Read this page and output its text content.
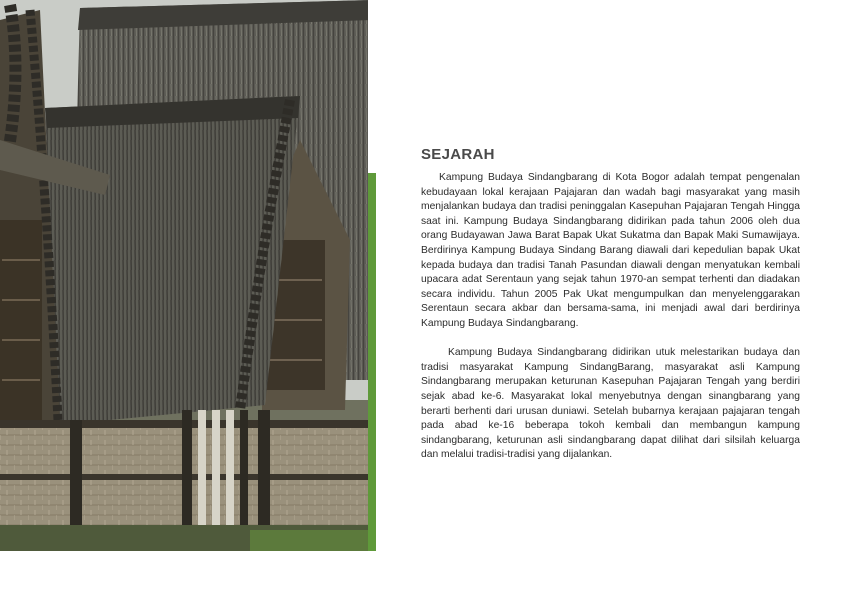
SEJARAH

Kampung Budaya Sindangbarang di Kota Bogor adalah tempat pengenalan kebudayaan lokal kerajaan Pajajaran dan wadah bagi masyarakat yang masih menjalankan budaya dan tradisi peninggalan Kasepuhan Pajajaran Tengah Hingga saat ini. Kampung Budaya Sindangbarang didirikan pada tahun 2006 oleh dua orang Budayawan Jawa Barat Bapak Ukat Sukatma dan Bapak Maki Sumawijaya. Berdirinya Kampung Budaya Sindang Barang diawali dari kepedulian bapak Ukat kepada budaya dan tradisi Tanah Pasundan diawali dengan menyatukan kembali upacara adat Serentaun yang sejak tahun 1970-an sempat terhenti dan diadakan secara individu. Tahun 2005 Pak Ukat mengumpulkan dan menyelenggarakan Serentaun secara akbar dan bersama-sama, ini menjadi awal dari berdirinya Kampung Budaya Sindangbarang.

Kampung Budaya Sindangbarang didirikan utuk melestarikan budaya dan tradisi masyarakat Kampung SindangBarang, masyarakat asli Kampung Sindangbarang merupakan keturunan Kasepuhan Pajajaran Tengah yang berdiri sejak abad ke-6. Masyarakat lokal menyebutnya dengan sinangbarang yang berarti berhenti dari urusan duniawi. Setelah bubarnya kerajaan pajajaran tengah pada abad ke-16 beberapa tokoh kembali dan membangun kampung sindangbarang, keturunan asli sindangbarang dapat dilihat dari silsilah keluarga dan melalui tradisi-tradisi yang dijalankan.
